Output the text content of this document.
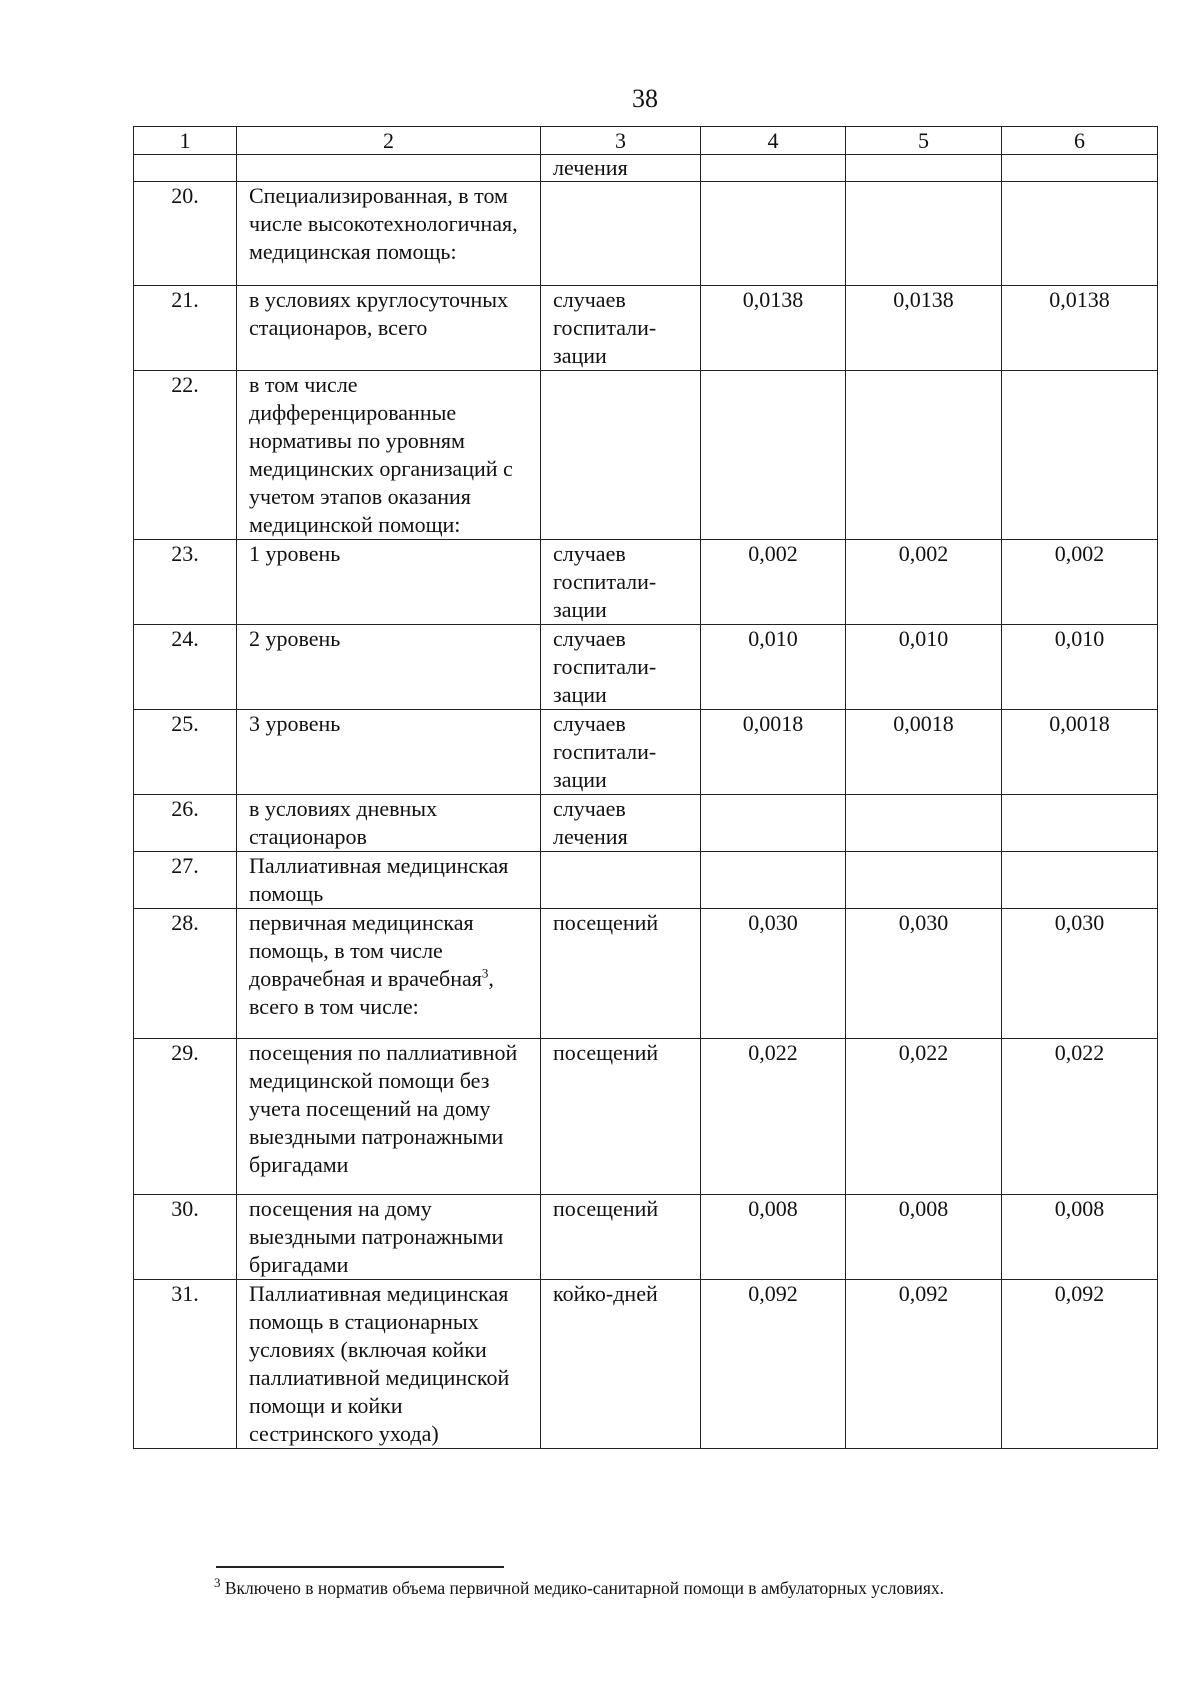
38
1	2	3	4	5	6
		лечения			
20.	Специализированная, в том числе высокотехнологичная, медицинская помощь:				
21.	в условиях круглосуточных стационаров, всего	случаев госпитали-зации	0,0138	0,0138	0,0138
22.	в том числе дифференцированные нормативы по уровням медицинских организаций с учетом этапов оказания медицинской помощи:				
23.	1 уровень	случаев госпитали-зации	0,002	0,002	0,002
24.	2 уровень	случаев госпитали-зации	0,010	0,010	0,010
25.	3 уровень	случаев госпитали-зации	0,0018	0,0018	0,0018
26.	в условиях дневных стационаров	случаев лечения			
27.	Паллиативная медицинская помощь				
28.	первичная медицинская помощь, в том числе доврачебная и врачебная$^3$, всего в том числе:	посещений	0,030	0,030	0,030
29.	посещения по паллиативной медицинской помощи без учета посещений на дому выездными патронажными бригадами	посещений	0,022	0,022	0,022
30.	посещения на дому выездными патронажными бригадами	посещений	0,008	0,008	0,008
31.	Паллиативная медицинская помощь в стационарных условиях (включая койки паллиативной медицинской помощи и койки сестринского ухода)	койко-дней	0,092	0,092	0,092
$^3$ Включено в норматив объема первичной медико-санитарной помощи в амбулаторных условиях.
